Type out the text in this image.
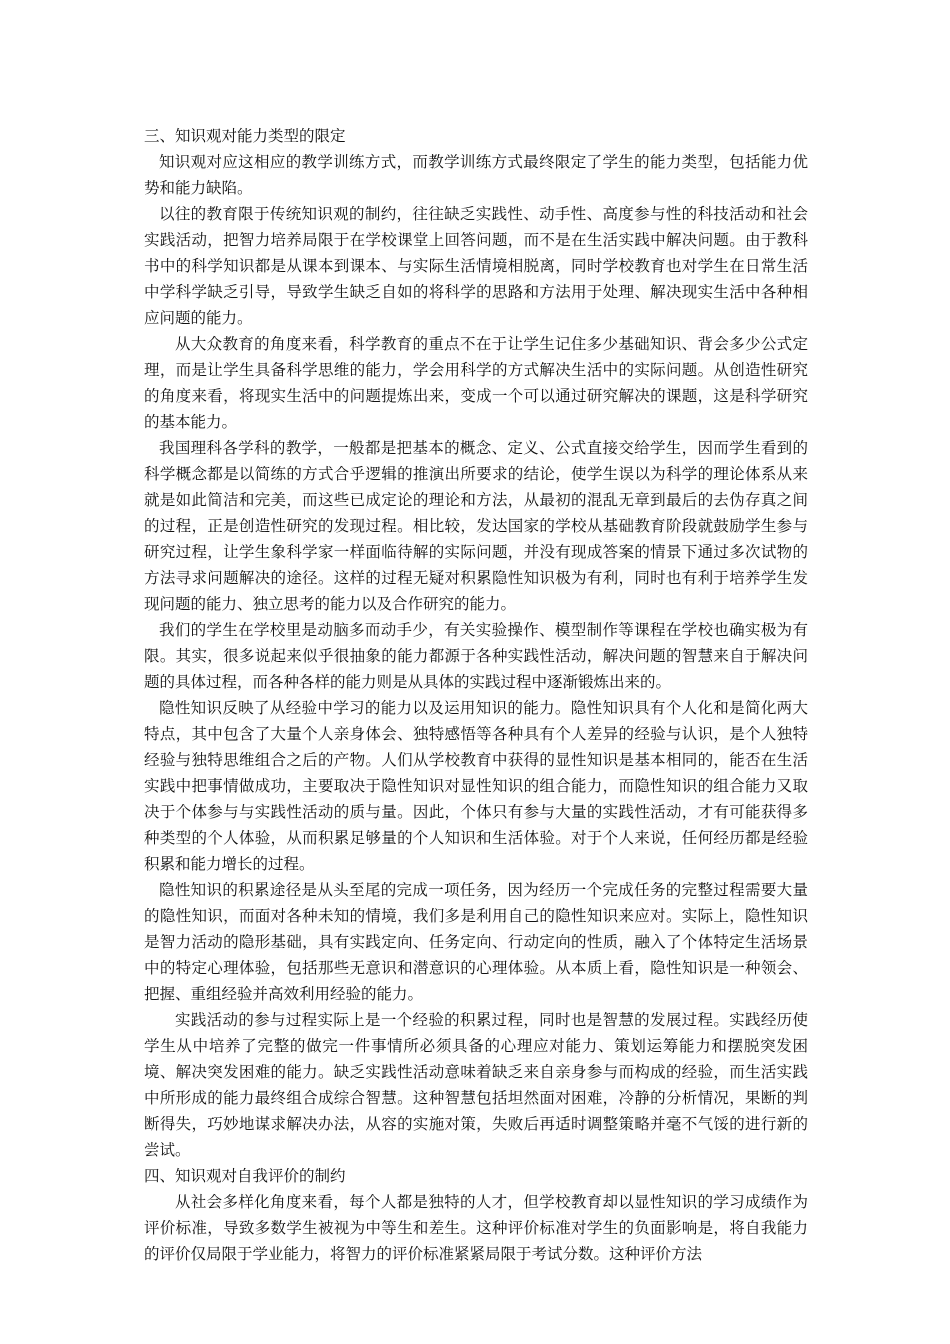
三、知识观对能力类型的限定

知识观对应这相应的教学训练方式，而教学训练方式最终限定了学生的能力类型，包括能力优势和能力缺陷。

以往的教育限于传统知识观的制约，往往缺乏实践性、动手性、高度参与性的科技活动和社会实践活动，把智力培养局限于在学校课堂上回答问题，而不是在生活实践中解决问题。由于教科书中的科学知识都是从课本到课本、与实际生活情境相脱离，同时学校教育也对学生在日常生活中学科学缺乏引导，导致学生缺乏自如的将科学的思路和方法用于处理、解决现实生活中各种相应问题的能力。

从大众教育的角度来看，科学教育的重点不在于让学生记住多少基础知识、背会多少公式定理，而是让学生具备科学思维的能力，学会用科学的方式解决生活中的实际问题。从创造性研究的角度来看，将现实生活中的问题提炼出来，变成一个可以通过研究解决的课题，这是科学研究的基本能力。

我国理科各学科的教学，一般都是把基本的概念、定义、公式直接交给学生，因而学生看到的科学概念都是以简练的方式合乎逻辑的推演出所要求的结论，使学生误以为科学的理论体系从来就是如此简洁和完美，而这些已成定论的理论和方法，从最初的混乱无章到最后的去伪存真之间的过程，正是创造性研究的发现过程。相比较，发达国家的学校从基础教育阶段就鼓励学生参与研究过程，让学生象科学家一样面临待解的实际问题，并没有现成答案的情景下通过多次试物的方法寻求问题解决的途径。这样的过程无疑对积累隐性知识极为有利，同时也有利于培养学生发现问题的能力、独立思考的能力以及合作研究的能力。

我们的学生在学校里是动脑多而动手少，有关实验操作、模型制作等课程在学校也确实极为有限。其实，很多说起来似乎很抽象的能力都源于各种实践性活动，解决问题的智慧来自于解决问题的具体过程，而各种各样的能力则是从具体的实践过程中逐渐锻炼出来的。

隐性知识反映了从经验中学习的能力以及运用知识的能力。隐性知识具有个人化和是简化两大特点，其中包含了大量个人亲身体会、独特感悟等各种具有个人差异的经验与认识，是个人独特经验与独特思维组合之后的产物。人们从学校教育中获得的显性知识是基本相同的，能否在生活实践中把事情做成功，主要取决于隐性知识对显性知识的组合能力，而隐性知识的组合能力又取决于个体参与与实践性活动的质与量。因此，个体只有参与大量的实践性活动，才有可能获得多种类型的个人体验，从而积累足够量的个人知识和生活体验。对于个人来说，任何经历都是经验积累和能力增长的过程。

隐性知识的积累途径是从头至尾的完成一项任务，因为经历一个完成任务的完整过程需要大量的隐性知识，而面对各种未知的情境，我们多是利用自己的隐性知识来应对。实际上，隐性知识是智力活动的隐形基础，具有实践定向、任务定向、行动定向的性质，融入了个体特定生活场景中的特定心理体验，包括那些无意识和潜意识的心理体验。从本质上看，隐性知识是一种领会、把握、重组经验并高效利用经验的能力。

实践活动的参与过程实际上是一个经验的积累过程，同时也是智慧的发展过程。实践经历使学生从中培养了完整的做完一件事情所必须具备的心理应对能力、策划运筹能力和摆脱突发困境、解决突发困难的能力。缺乏实践性活动意味着缺乏来自亲身参与而构成的经验，而生活实践中所形成的能力最终组合成综合智慧。这种智慧包括坦然面对困难，冷静的分析情况，果断的判断得失，巧妙地谋求解决办法，从容的实施对策，失败后再适时调整策略并毫不气馁的进行新的尝试。

四、知识观对自我评价的制约

从社会多样化角度来看，每个人都是独特的人才，但学校教育却以显性知识的学习成绩作为评价标准，导致多数学生被视为中等生和差生。这种评价标准对学生的负面影响是，将自我能力的评价仅局限于学业能力，将智力的评价标准紧紧局限于考试分数。这种评价方法
